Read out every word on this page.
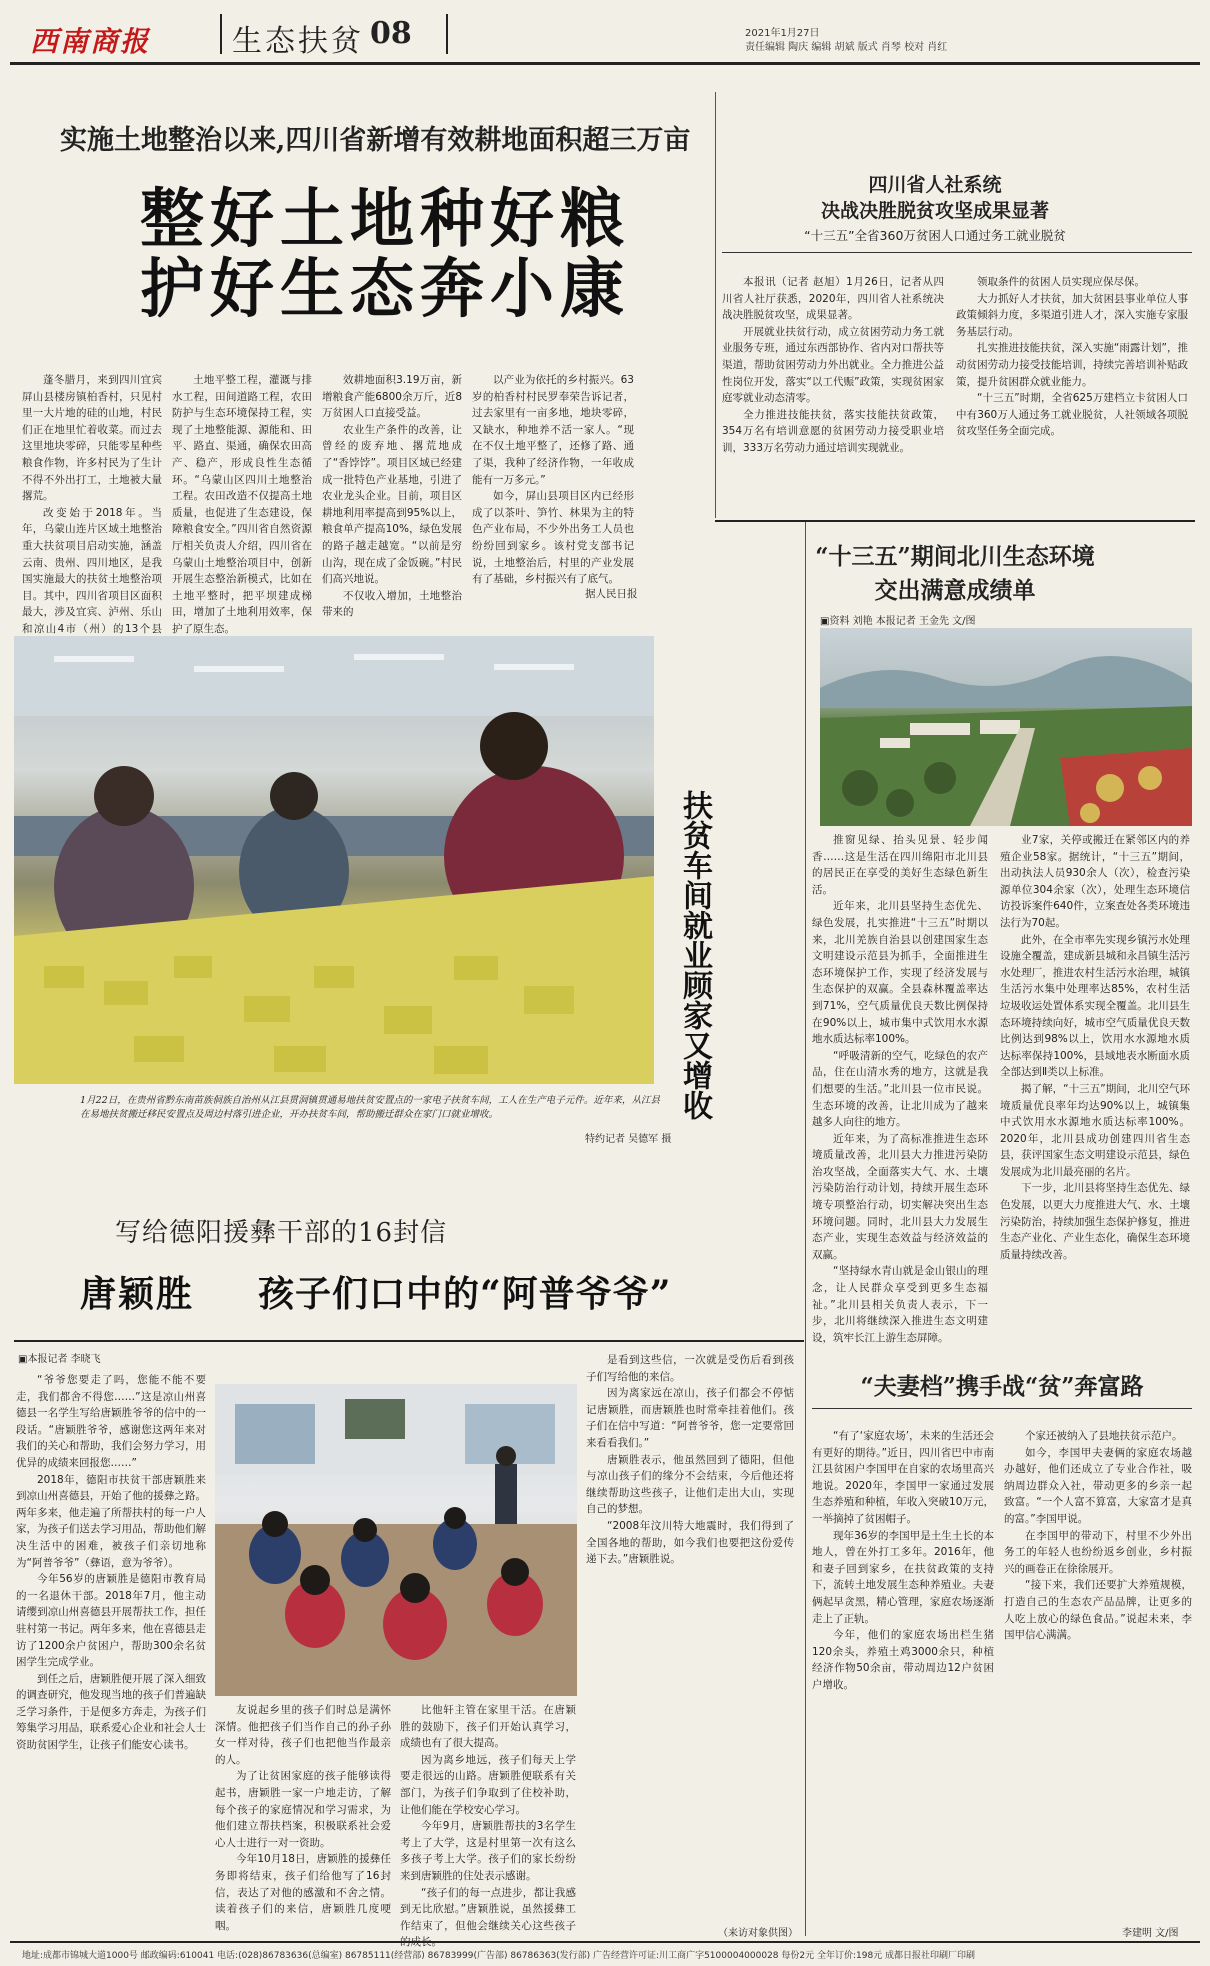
西南商报	生态扶贫 08	2021年1月27日
责任编辑 陶庆 编辑 胡斌 版式 肖琴 校对 肖红
实施土地整治以来,四川省新增有效耕地面积超三万亩
整好土地种好粮
护好生态奔小康

蓬冬腊月，来到四川宜宾屏山县楼房镇柏香村，只见村里一大片地的硅的山地，村民们正在地里忙着收菜。而过去这里地块零碎，只能零星种些粮食作物，许多村民为了生计不得不外出打工，土地被大量撂荒。

改变始于2018年。当年，乌蒙山连片区域土地整治重大扶贫项目启动实施，涵盖云南、贵州、四川地区，是我国实施最大的扶贫土地整治项目。其中，四川省项目区面积最大，涉及宜宾、泸州、乐山和凉山4市（州）的13个县

土地平整工程，灌溉与排水工程，田间道路工程，农田防护与生态环境保持工程，实现了土地整能源、源能和、田平、路直、渠通，确保农田高产、稳产，形成良性生态循环。“乌蒙山区四川土地整治工程。农田改造不仅提高土地质量，也促进了生态建设，保障粮食安全。”四川省自然资源厅相关负责人介绍，四川省在乌蒙山土地整治项目中，创新开展生态整治新模式，比如在土地平整时，把平坝建成梯田，增加了土地利用效率，保护了原生态。

效耕地面积3.19万亩，新增粮食产能6800余万斤，近8万贫困人口直接受益。

农业生产条件的改善，让曾经的废弃地、撂荒地成了“香饽饽”。项目区域已经建成一批特色产业基地，引进了农业龙头企业。目前，项目区耕地利用率提高到95%以上，粮食单产提高10%，绿色发展的路子越走越宽。“以前是穷山沟，现在成了金饭碗。”村民们高兴地说。

不仅收入增加，土地整治带来的

以产业为依托的乡村振兴。63岁的柏香村村民罗奉荣告诉记者，过去家里有一亩多地，地块零碎，又缺水，种地养不活一家人。“现在不仅土地平整了，还修了路、通了渠，我种了经济作物，一年收成能有一万多元。”

如今，屏山县项目区内已经形成了以茶叶、笋竹、林果为主的特色产业布局，不少外出务工人员也纷纷回到家乡。该村党支部书记说，土地整治后，村里的产业发展有了基础，乡村振兴有了底气。

据人民日报
扶贫车间就业顾家又增收
1月22日，在贵州省黔东南苗族侗族自治州从江县贯洞镇贯通易地扶贫安置点的一家电子扶贫车间，工人在生产电子元件。近年来，从江县在易地扶贫搬迁移民安置点及周边村落引进企业，开办扶贫车间，帮助搬迁群众在家门口就业增收。
特约记者 吴德军 摄
四川省人社系统
决战决胜脱贫攻坚成果显著
“十三五”全省360万贫困人口通过务工就业脱贫

本报讯（记者 赵旭）1月26日，记者从四川省人社厅获悉，2020年，四川省人社系统决战决胜脱贫攻坚，成果显著。

开展就业扶贫行动，成立贫困劳动力务工就业服务专班，通过东西部协作、省内对口帮扶等渠道，帮助贫困劳动力外出就业。全力推进公益性岗位开发，落实“以工代赈”政策，实现贫困家庭零就业动态清零。

全力推进技能扶贫，落实技能扶贫政策，354万名有培训意愿的贫困劳动力接受职业培训，333万名劳动力通过培训实现就业。

领取条件的贫困人员实现应保尽保。

大力抓好人才扶贫，加大贫困县事业单位人事政策倾斜力度，多渠道引进人才，深入实施专家服务基层行动。

扎实推进技能扶贫，深入实施“雨露计划”，推动贫困劳动力接受技能培训，持续完善培训补贴政策，提升贫困群众就业能力。

“十三五”时期，全省625万建档立卡贫困人口中有360万人通过务工就业脱贫，人社领域各项脱贫攻坚任务全面完成。

“十三五”期间北川生态环境
交出满意成绩单
▣资料 刘艳 本报记者 王金先 文/图

推窗见绿、抬头见景、轻步闻香……这是生活在四川绵阳市北川县的居民正在享受的美好生态绿色新生活。

近年来，北川县坚持生态优先、绿色发展，扎实推进“十三五”时期以来，北川羌族自治县以创建国家生态文明建设示范县为抓手，全面推进生态环境保护工作，实现了经济发展与生态保护的双赢。全县森林覆盖率达到71%，空气质量优良天数比例保持在90%以上，城市集中式饮用水水源地水质达标率100%。

“呼吸清新的空气，吃绿色的农产品，住在山清水秀的地方，这就是我们想要的生活。”北川县一位市民说。生态环境的改善，让北川成为了越来越多人向往的地方。

近年来，为了高标准推进生态环境质量改善，北川县大力推进污染防治攻坚战，全面落实大气、水、土壤污染防治行动计划，持续开展生态环境专项整治行动，切实解决突出生态环境问题。同时，北川县大力发展生态产业，实现生态效益与经济效益的双赢。

“坚持绿水青山就是金山银山的理念，让人民群众享受到更多生态福祉。”北川县相关负责人表示，下一步，北川将继续深入推进生态文明建设，筑牢长江上游生态屏障。

业7家，关停或搬迁在紧邻区内的养殖企业58家。据统计，“十三五”期间，出动执法人员930余人（次），检查污染源单位304余家（次），处理生态环境信访投诉案件640件，立案查处各类环境违法行为70起。

此外，在全市率先实现乡镇污水处理设施全覆盖，建成新县城和永昌镇生活污水处理厂，推进农村生活污水治理，城镇生活污水集中处理率达85%，农村生活垃圾收运处置体系实现全覆盖。北川县生态环境持续向好，城市空气质量优良天数比例达到98%以上，饮用水水源地水质达标率保持100%，县域地表水断面水质全部达到Ⅱ类以上标准。

揭了解，“十三五”期间，北川空气环境质量优良率年均达90%以上，城镇集中式饮用水水源地水质达标率100%。2020年，北川县成功创建四川省生态县，获评国家生态文明建设示范县，绿色发展成为北川最亮丽的名片。

下一步，北川县将坚持生态优先、绿色发展，以更大力度推进大气、水、土壤污染防治，持续加强生态保护修复，推进生态产业化、产业生态化，确保生态环境质量持续改善。

写给德阳援彝干部的16封信
唐颖胜 孩子们口中的“阿普爷爷”
▣本报记者 李晓飞

“爷爷您要走了吗，您能不能不要走，我们都舍不得您……”这是凉山州喜德县一名学生写给唐颖胜爷爷的信中的一段话。“唐颖胜爷爷，感谢您这两年来对我们的关心和帮助，我们会努力学习，用优异的成绩来回报您……”

2018年，德阳市扶贫干部唐颖胜来到凉山州喜德县，开始了他的援彝之路。两年多来，他走遍了所帮扶村的每一户人家，为孩子们送去学习用品，帮助他们解决生活中的困难，被孩子们亲切地称为“阿普爷爷”（彝语，意为爷爷）。

今年56岁的唐颖胜是德阳市教育局的一名退休干部。2018年7月，他主动请缨到凉山州喜德县开展帮扶工作，担任驻村第一书记。两年多来，他在喜德县走访了1200余户贫困户，帮助300余名贫困学生完成学业。

到任之后，唐颖胜便开展了深入细致的调查研究，他发现当地的孩子们普遍缺乏学习条件，于是便多方奔走，为孩子们筹集学习用品，联系爱心企业和社会人士资助贫困学生，让孩子们能安心读书。

友说起乡里的孩子们时总是满怀深情。他把孩子们当作自己的孙子孙女一样对待，孩子们也把他当作最亲的人。

为了让贫困家庭的孩子能够读得起书，唐颖胜一家一户地走访，了解每个孩子的家庭情况和学习需求，为他们建立帮扶档案，积极联系社会爱心人士进行一对一资助。

今年10月18日，唐颖胜的援彝任务即将结束，孩子们给他写了16封信，表达了对他的感激和不舍之情。读着孩子们的来信，唐颖胜几度哽咽。

比他轩主管在家里干活。在唐颖胜的鼓励下，孩子们开始认真学习，成绩也有了很大提高。

因为离乡地远，孩子们每天上学要走很远的山路。唐颖胜便联系有关部门，为孩子们争取到了住校补助，让他们能在学校安心学习。

今年9月，唐颖胜帮扶的3名学生考上了大学，这是村里第一次有这么多孩子考上大学。孩子们的家长纷纷来到唐颖胜的住处表示感谢。

“孩子们的每一点进步，都让我感到无比欣慰。”唐颖胜说，虽然援彝工作结束了，但他会继续关心这些孩子

是看到这些信，一次就是受伤后看到孩子们写给他的来信。

因为离家远在凉山，孩子们都会不停惦记唐颖胜，而唐颖胜也时常牵挂着他们。孩子们在信中写道：“阿普爷爷，您一定要常回来看看我们。”

唐颖胜表示，他虽然回到了德阳，但他与凉山孩子们的缘分不会结束，今后他还将继续帮助这些孩子，让他们走出大山，实现自己的梦想。

“2008年汶川特大地震时，我们得到了全国各地的帮助，如今我们也要把这份爱传递下去。”唐颖胜说。

（来访对象供图）
“夫妻档”携手战“贫”奔富路

“有了‘家庭农场’，未来的生活还会有更好的期待。”近日，四川省巴中市南江县贫困户李国甲在自家的农场里高兴地说。2020年，李国甲一家通过发展生态养殖和种植，年收入突破10万元，一举摘掉了贫困帽子。

现年36岁的李国甲是土生土长的本地人，曾在外打工多年。2016年，他和妻子回到家乡，在扶贫政策的支持下，流转土地发展生态种养殖业。夫妻俩起早贪黑，精心管理，家庭农场逐渐走上了正轨。

今年，他们的家庭农场出栏生猪120余头，养殖土鸡3000余只，种植经济作物50余亩，带动周边12户贫困户增收。

个家还被纳入了县地扶贫示范户。

如今，李国甲夫妻俩的家庭农场越办越好，他们还成立了专业合作社，吸纳周边群众入社，带动更多的乡亲一起致富。“一个人富不算富，大家富才是真的富。”李国甲说。

在李国甲的带动下，村里不少外出务工的年轻人也纷纷返乡创业，乡村振兴的画卷正在徐徐展开。

“接下来，我们还要扩大养殖规模，打造自己的生态农产品品牌，让更多的人吃上放心的绿色食品。”说起未来，李国甲信心满满。

李建明 文/图
地址:成都市锦城大道1000号 邮政编码:610041 电话:(028)86783636(总编室) 86785111(经营部) 86783999(广告部) 86786363(发行部) 广告经营许可证:川工商广字5100004000028 每份2元 全年订价:198元 成都日报社印刷厂印刷
